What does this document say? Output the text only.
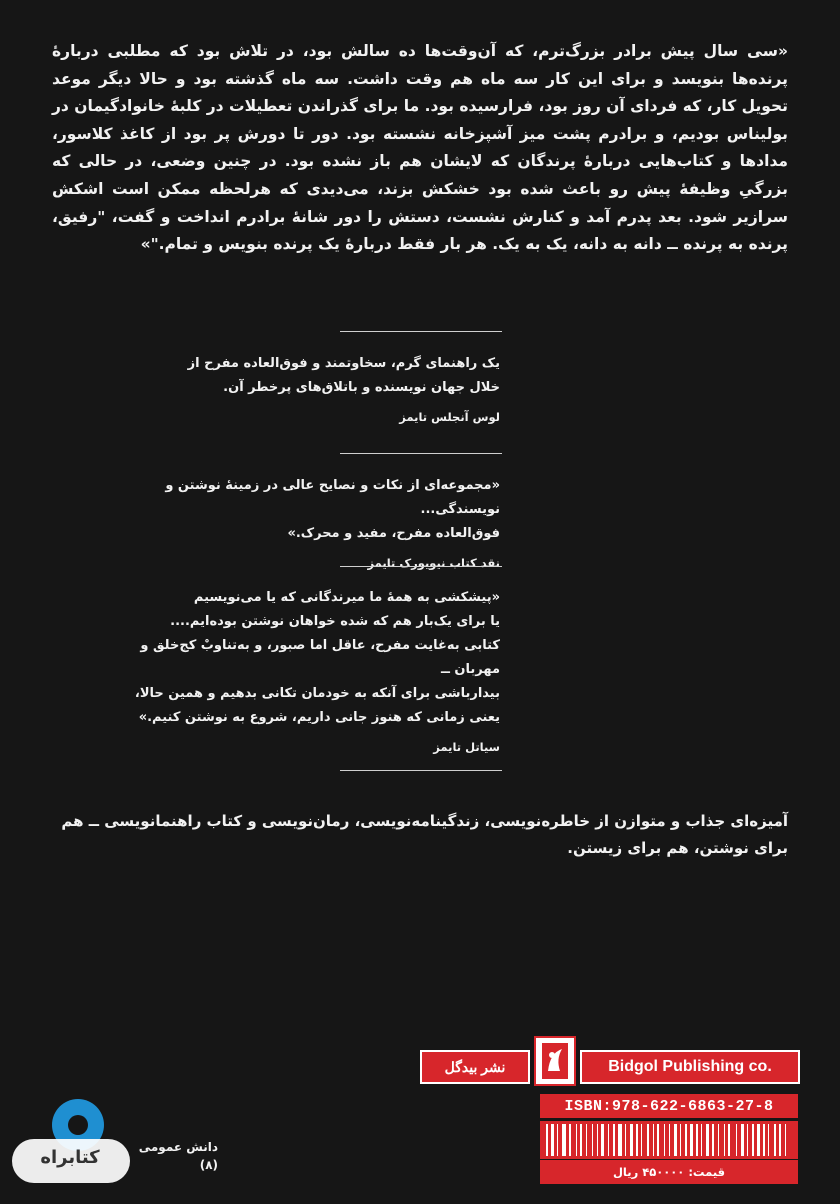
«سی سال پیش برادر بزرگ‌ترم، که آن‌وقت‌ها ده سالش بود، در تلاش بود که مطلبی دربارهٔ پرنده‌ها بنویسد و برای این کار سه ماه هم وقت داشت. سه ماه گذشته بود و حالا دیگر موعد تحویل کار، که فردای آن روز بود، فرارسیده بود. ما برای گذراندن تعطیلات در کلبهٔ خانوادگیمان در بولیناس بودیم، و برادرم پشت میز آشپزخانه نشسته بود. دور تا دورش پر بود از کاغذ کلاسور، مدادها و کتاب‌هایی دربارهٔ پرندگان که لایشان هم باز نشده بود. در چنین وضعی، در حالی که بزرگیِ وظیفهٔ پیش رو باعث شده بود خشکش بزند، می‌دیدی که هرلحظه ممکن است اشکش سرازیر شود. بعد پدرم آمد و کنارش نشست، دستش را دور شانهٔ برادرم انداخت و گفت، "رفیق، پرنده به پرنده ــ دانه به دانه، یک به یک. هر بار فقط دربارهٔ یک پرنده بنویس و تمام."»

یک راهنمای گرم، سخاوتمند و فوق‌العاده مفرح از

خلال جهان نویسنده و باتلاق‌های پرخطر آن.

لوس آنجلس تایمز

«مجموعه‌ای از نکات و نصایح عالی در زمینهٔ نوشتن و نویسندگی...

فوق‌العاده مفرح، مفید و محرک.»

نقد کتاب نیویورک تایمز

«پیشکشی به همهٔ ما میرندگانی که یا می‌نویسیم

یا برای یک‌بار هم که شده خواهان نوشتن بوده‌ایم....

کتابی به‌غایت مفرح، عاقل اما صبور، و به‌تناوبْ کج‌خلق و مهربان ــ

بیدارباشی برای آنکه به خودمان تکانی بدهیم و همین حالا،

یعنی زمانی که هنوز جانی داریم، شروع به نوشتن کنیم.»

سیاتل تایمز
آمیزه‌ای جذاب و متوازن از خاطره‌نویسی، زندگینامه‌نویسی، رمان‌نویسی و کتاب راهنمانویسی ــ هم برای نوشتن، هم برای زیستن.
نشر بیدگل	Bidgol Publishing co.
ISBN:978-622-6863-27-8
قیمت: ۴۵۰۰۰۰ ریال
دانش عمومی
(۸)
کتابراه
